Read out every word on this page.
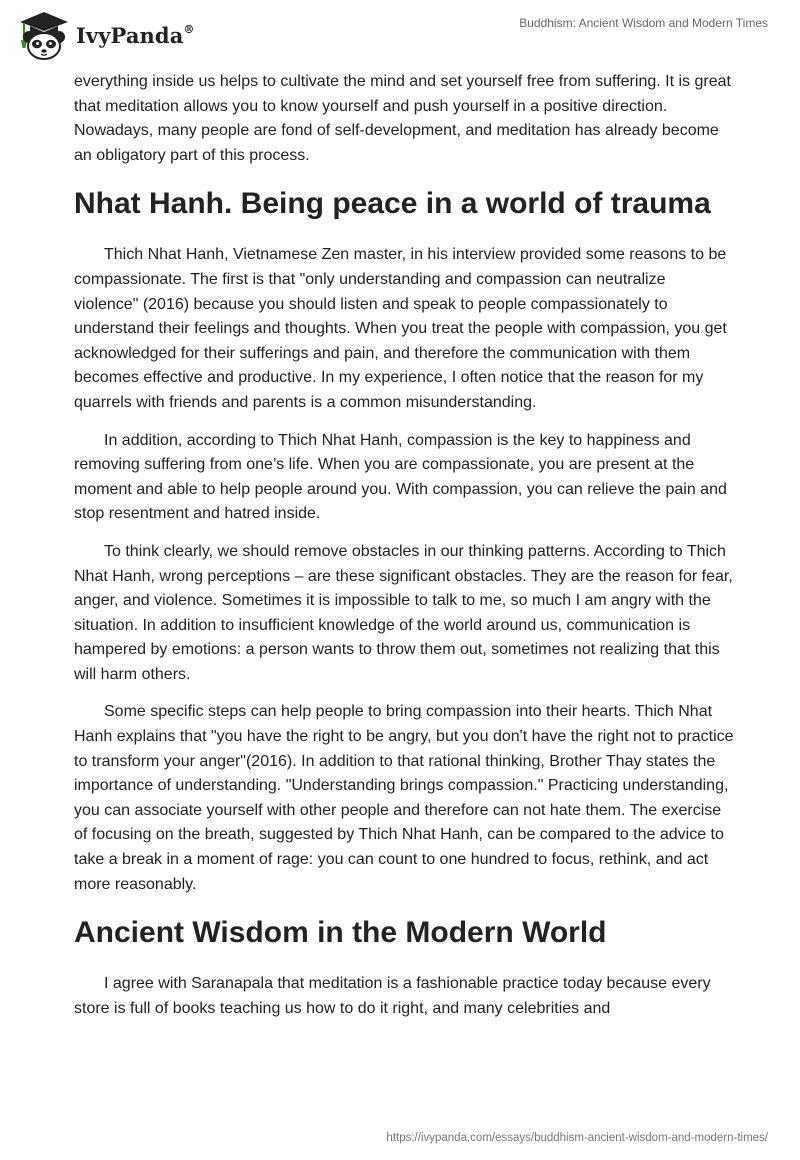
IvyPanda®	Buddhism: Ancient Wisdom and Modern Times

everything inside us helps to cultivate the mind and set yourself free from suffering. It is great that meditation allows you to know yourself and push yourself in a positive direction. Nowadays, many people are fond of self-development, and meditation has already become an obligatory part of this process.

Nhat Hanh. Being peace in a world of trauma

Thich Nhat Hanh, Vietnamese Zen master, in his interview provided some reasons to be compassionate. The first is that "only understanding and compassion can neutralize violence" (2016) because you should listen and speak to people compassionately to understand their feelings and thoughts. When you treat the people with compassion, you get acknowledged for their sufferings and pain, and therefore the communication with them becomes effective and productive. In my experience, I often notice that the reason for my quarrels with friends and parents is a common misunderstanding.

In addition, according to Thich Nhat Hanh, compassion is the key to happiness and removing suffering from one’s life. When you are compassionate, you are present at the moment and able to help people around you. With compassion, you can relieve the pain and stop resentment and hatred inside.

To think clearly, we should remove obstacles in our thinking patterns. According to Thich Nhat Hanh, wrong perceptions – are these significant obstacles. They are the reason for fear, anger, and violence. Sometimes it is impossible to talk to me, so much I am angry with the situation. In addition to insufficient knowledge of the world around us, communication is hampered by emotions: a person wants to throw them out, sometimes not realizing that this will harm others.

Some specific steps can help people to bring compassion into their hearts. Thich Nhat Hanh explains that "you have the right to be angry, but you don't have the right not to practice to transform your anger"(2016). In addition to that rational thinking, Brother Thay states the importance of understanding. "Understanding brings compassion." Practicing understanding, you can associate yourself with other people and therefore can not hate them. The exercise of focusing on the breath, suggested by Thich Nhat Hanh, can be compared to the advice to take a break in a moment of rage: you can count to one hundred to focus, rethink, and act more reasonably.

Ancient Wisdom in the Modern World

I agree with Saranapala that meditation is a fashionable practice today because every store is full of books teaching us how to do it right, and many celebrities and

https://ivypanda.com/essays/buddhism-ancient-wisdom-and-modern-times/
